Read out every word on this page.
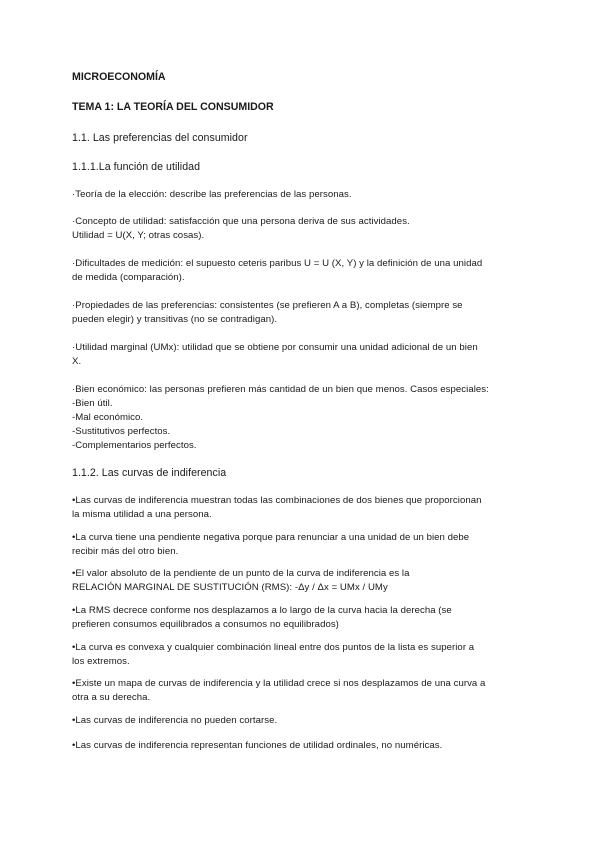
MICROECONOMÍA

TEMA 1: LA TEORÍA DEL CONSUMIDOR

1.1. Las preferencias del consumidor

1.1.1.La función de utilidad

·Teoría de la elección: describe las preferencias de las personas.

·Concepto de utilidad: satisfacción que una persona deriva de sus actividades.

Utilidad = U(X, Y; otras cosas).

·Dificultades de medición: el supuesto ceteris paribus U = U (X, Y) y la definición de una unidad

de medida (comparación).

·Propiedades de las preferencias: consistentes (se prefieren A a B), completas (siempre se

pueden elegir) y transitivas (no se contradigan).

·Utilidad marginal (UMx): utilidad que se obtiene por consumir una unidad adicional de un bien

X.

·Bien económico: las personas prefieren más cantidad de un bien que menos. Casos especiales:

-Bien útil.

-Mal económico.

-Sustitutivos perfectos.

-Complementarios perfectos.

1.1.2. Las curvas de indiferencia

•Las curvas de indiferencia muestran todas las combinaciones de dos bienes que proporcionan

la misma utilidad a una persona.

•La curva tiene una pendiente negativa porque para renunciar a una unidad de un bien debe

recibir más del otro bien.

•El valor absoluto de la pendiente de un punto de la curva de indiferencia es la

RELACIÓN MARGINAL DE SUSTITUCIÓN (RMS): -Δy / Δx = UMx / UMy

•La RMS decrece conforme nos desplazamos a lo largo de la curva hacia la derecha (se

prefieren consumos equilibrados a consumos no equilibrados)

•La curva es convexa y cualquier combinación lineal entre dos puntos de la lista es superior a

los extremos.

•Existe un mapa de curvas de indiferencia y la utilidad crece si nos desplazamos de una curva a

otra a su derecha.

•Las curvas de indiferencia no pueden cortarse.

•Las curvas de indiferencia representan funciones de utilidad ordinales, no numéricas.
